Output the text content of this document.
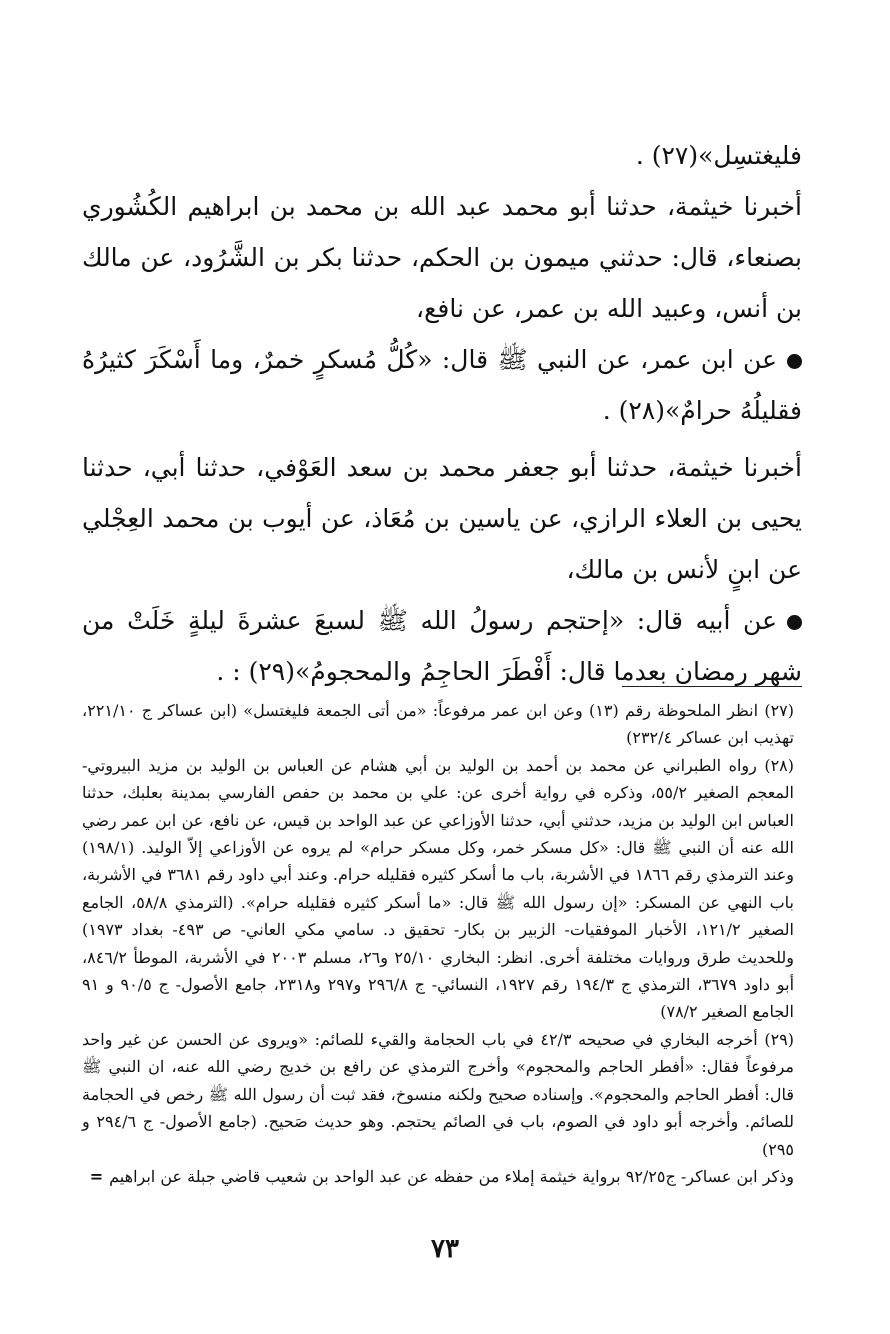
فليغتسِل»(٢٧) .

أخبرنا خيثمة، حدثنا أبو محمد عبد الله بن محمد بن ابراهيم الكُشُوري بصنعاء، قال: حدثني ميمون بن الحكم، حدثنا بكر بن الشَّرُود، عن مالك بن أنس، وعبيد الله بن عمر، عن نافع،

عن ابن عمر، عن النبي ﷺ قال: «كُلُّ مُسكرٍ خمرٌ، وما أَسْكَرَ كثيرُهُ فقليلُهُ حرامٌ»(٢٨) .

أخبرنا خيثمة، حدثنا أبو جعفر محمد بن سعد العَوْفي، حدثنا أبي، حدثنا يحيى بن العلاء الرازي، عن ياسين بن مُعَاذ، عن أيوب بن محمد العِجْلي عن ابنٍ لأنس بن مالك،

عن أبيه قال: «إحتجم رسولُ الله ﷺ لسبعَ عشرةَ ليلةٍ خَلَتْ من شهر رمضان بعدما قال: أَفْطَرَ الحاجِمُ والمحجومُ»(٢٩) : .

(٢٧) انظر الملحوظة رقم (١٣) وعن ابن عمر مرفوعاً: «من أتى الجمعة فليغتسل» (ابن عساكر ج ٢٢١/١٠، تهذيب ابن عساكر ٢٣٢/٤)

(٢٨) رواه الطبراني عن محمد بن أحمد بن الوليد بن أبي هشام عن العباس بن الوليد بن مزيد البيروتي- المعجم الصغير ٥٥/٢، وذكره في رواية أخرى عن: علي بن محمد بن حفص الفارسي بمدينة بعلبك، حدثنا العباس ابن الوليد بن مزيد، حدثني أبي، حدثنا الأوزاعي عن عبد الواحد بن قيس، عن نافع، عن ابن عمر رضي الله عنه أن النبي ﷺ قال: «كل مسكر خمر، وكل مسكر حرام» لم يروه عن الأوزاعي إلاّ الوليد. (١٩٨/١) وعند الترمذي رقم ١٨٦٦ في الأشربة، باب ما أسكر كثيره فقليله حرام. وعند أبي داود رقم ٣٦٨١ في الأشربة، باب النهي عن المسكر: «إن رسول الله ﷺ قال: «ما أسكر كثيره فقليله حرام». (الترمذي ٥٨/٨، الجامع الصغير ١٢١/٢، الأخبار الموفقيات- الزبير بن بكار- تحقيق د. سامي مكي العاني- ص ٤٩٣- بغداد ١٩٧٣) وللحديث طرق وروايات مختلفة أخرى. انظر: البخاري ٢٥/١٠ و٢٦، مسلم ٢٠٠٣ في الأشربة، الموطأ ٨٤٦/٢، أبو داود ٣٦٧٩، الترمذي ج ١٩٤/٣ رقم ١٩٢٧، النسائي- ج ٢٩٦/٨ و٢٩٧ و٢٣١٨، جامع الأصول- ج ٩٠/٥ و ٩١ الجامع الصغير ٧٨/٢)

(٢٩) أخرجه البخاري في صحيحه ٤٢/٣ في باب الحجامة والقيء للصائم: «ويروى عن الحسن عن غير واحد مرفوعاً فقال: «أفطر الحاجم والمحجوم» وأخرج الترمذي عن رافع بن خديج رضي الله عنه، ان النبي ﷺ قال: أفطر الحاجم والمحجوم». وإسناده صحيح ولكنه منسوخ، فقد ثبت أن رسول الله ﷺ رخص في الحجامة للصائم. وأخرجه أبو داود في الصوم، باب في الصائم يحتجم. وهو حديث صَحيح. (جامع الأصول- ج ٢٩٤/٦ و ٢٩٥)

وذكر ابن عساكر- ج٩٢/٢٥ برواية خيثمة إملاء من حفظه عن عبد الواحد بن شعيب قاضي جبلة عن ابراهيم=

٧٣
